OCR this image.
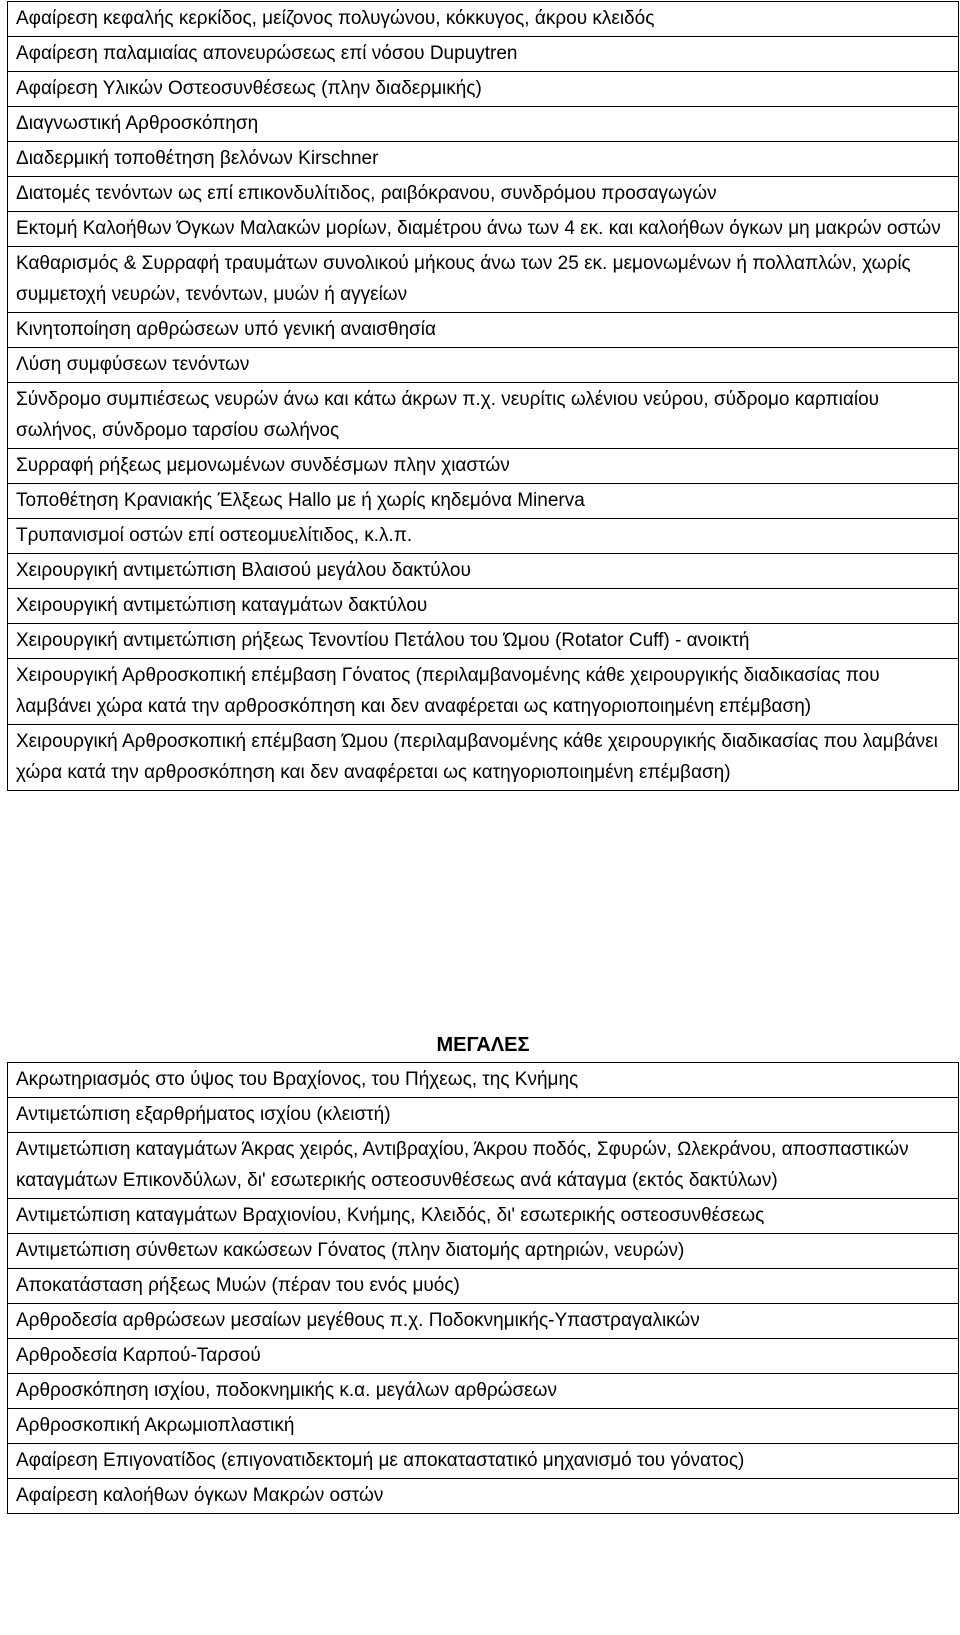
Αφαίρεση κεφαλής κερκίδος, μείζονος πολυγώνου, κόκκυγος, άκρου κλειδός
Αφαίρεση παλαμιαίας απονευρώσεως επί νόσου Dupuytren
Αφαίρεση Υλικών Οστεοσυνθέσεως (πλην διαδερμικής)
Διαγνωστική Αρθροσκόπηση
Διαδερμική τοποθέτηση βελόνων Kirschner
Διατομές τενόντων ως επί επικονδυλίτιδος, ραιβόκρανου, συνδρόμου προσαγωγών
Εκτομή Καλοήθων Όγκων Μαλακών μορίων, διαμέτρου άνω των 4 εκ. και καλοήθων όγκων μη μακρών οστών
Καθαρισμός & Συρραφή τραυμάτων συνολικού μήκους άνω των 25 εκ. μεμονωμένων ή πολλαπλών, χωρίς συμμετοχή νευρών, τενόντων, μυών ή αγγείων
Κινητοποίηση αρθρώσεων υπό γενική αναισθησία
Λύση συμφύσεων τενόντων
Σύνδρομο συμπιέσεως νευρών άνω και κάτω άκρων π.χ. νευρίτις ωλένιου νεύρου, σύδρομο καρπιαίου σωλήνος, σύνδρομο ταρσίου σωλήνος
Συρραφή ρήξεως μεμονωμένων συνδέσμων πλην χιαστών
Τοποθέτηση Κρανιακής Έλξεως Hallo με ή χωρίς κηδεμόνα Minerva
Τρυπανισμοί οστών επί οστεομυελίτιδος, κ.λ.π.
Χειρουργική αντιμετώπιση Βλαισού μεγάλου δακτύλου
Χειρουργική αντιμετώπιση καταγμάτων δακτύλου
Χειρουργική αντιμετώπιση ρήξεως Τενοντίου Πετάλου του Ώμου (Rotator Cuff) - ανοικτή
Χειρουργική Αρθροσκοπική επέμβαση Γόνατος (περιλαμβανομένης κάθε χειρουργικής διαδικασίας που λαμβάνει χώρα κατά την αρθροσκόπηση και δεν αναφέρεται ως κατηγοριοποιημένη επέμβαση)
Χειρουργική Αρθροσκοπική επέμβαση Ώμου (περιλαμβανομένης κάθε χειρουργικής διαδικασίας που λαμβάνει χώρα κατά την αρθροσκόπηση και δεν αναφέρεται ως κατηγοριοποιημένη επέμβαση)
ΜΕΓΑΛΕΣ
Ακρωτηριασμός στο ύψος του Βραχίονος, του Πήχεως, της Κνήμης
Αντιμετώπιση εξαρθρήματος ισχίου (κλειστή)
Αντιμετώπιση καταγμάτων Άκρας χειρός, Αντιβραχίου, Άκρου ποδός, Σφυρών, Ωλεκράνου, αποσπαστικών καταγμάτων Επικονδύλων, δι' εσωτερικής οστεοσυνθέσεως ανά κάταγμα (εκτός δακτύλων)
Αντιμετώπιση καταγμάτων Βραχιονίου, Κνήμης, Κλειδός, δι' εσωτερικής οστεοσυνθέσεως
Αντιμετώπιση σύνθετων κακώσεων Γόνατος (πλην διατομής αρτηριών, νευρών)
Αποκατάσταση ρήξεως Μυών (πέραν του ενός μυός)
Αρθροδεσία αρθρώσεων μεσαίων μεγέθους π.χ. Ποδοκνημικής-Υπαστραγαλικών
Αρθροδεσία Καρπού-Ταρσού
Αρθροσκόπηση ισχίου, ποδοκνημικής κ.α. μεγάλων αρθρώσεων
Αρθροσκοπική Ακρωμιοπλαστική
Αφαίρεση Επιγονατίδος (επιγονατιδεκτομή με αποκαταστατικό μηχανισμό του γόνατος)
Αφαίρεση καλοήθων όγκων Μακρών οστών
